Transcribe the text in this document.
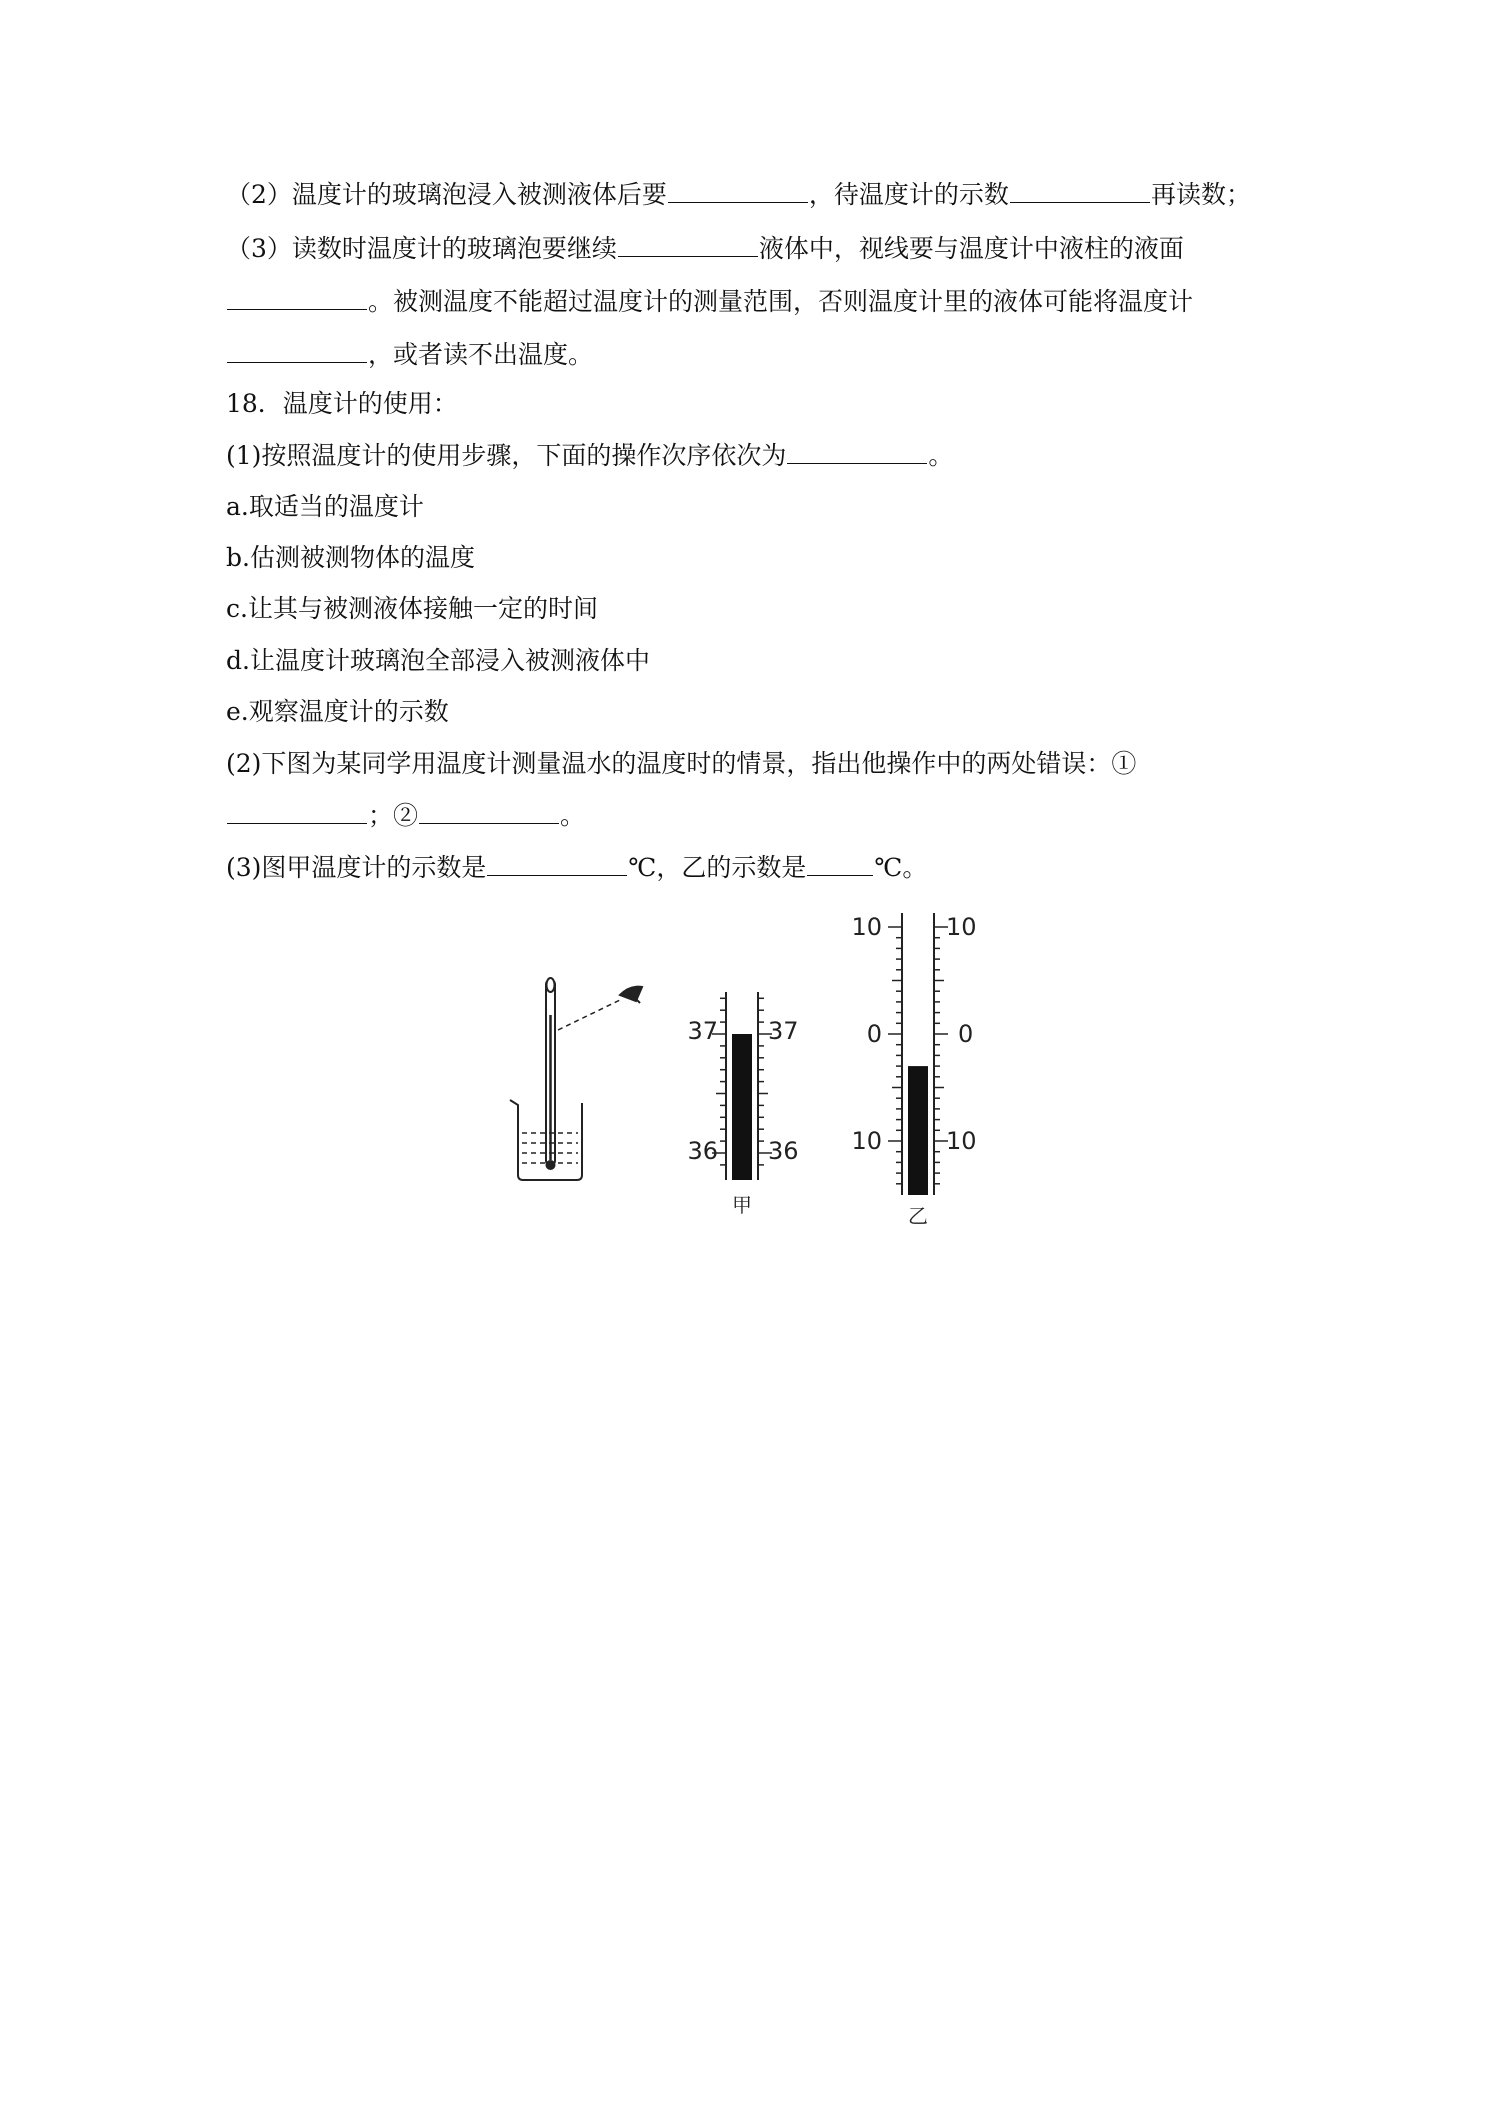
（2）温度计的玻璃泡浸入被测液体后要	，待温度计的示数	再读数；
（3）读数时温度计的玻璃泡要继续	液体中，视线要与温度计中液柱的液面
。被测温度不能超过温度计的测量范围，否则温度计里的液体可能将温度计
，或者读不出温度。
18．温度计的使用：
(1)按照温度计的使用步骤，下面的操作次序依次为	。
a.取适当的温度计
b.估测被测物体的温度
c.让其与被测液体接触一定的时间
d.让温度计玻璃泡全部浸入被测液体中
e.观察温度计的示数
(2)下图为某同学用温度计测量温水的温度时的情景，指出他操作中的两处错误：①
；②	。
(3)图甲温度计的示数是	℃，乙的示数是	℃。
37 37
36 36
甲
10	10
0	0
10	10
乙
